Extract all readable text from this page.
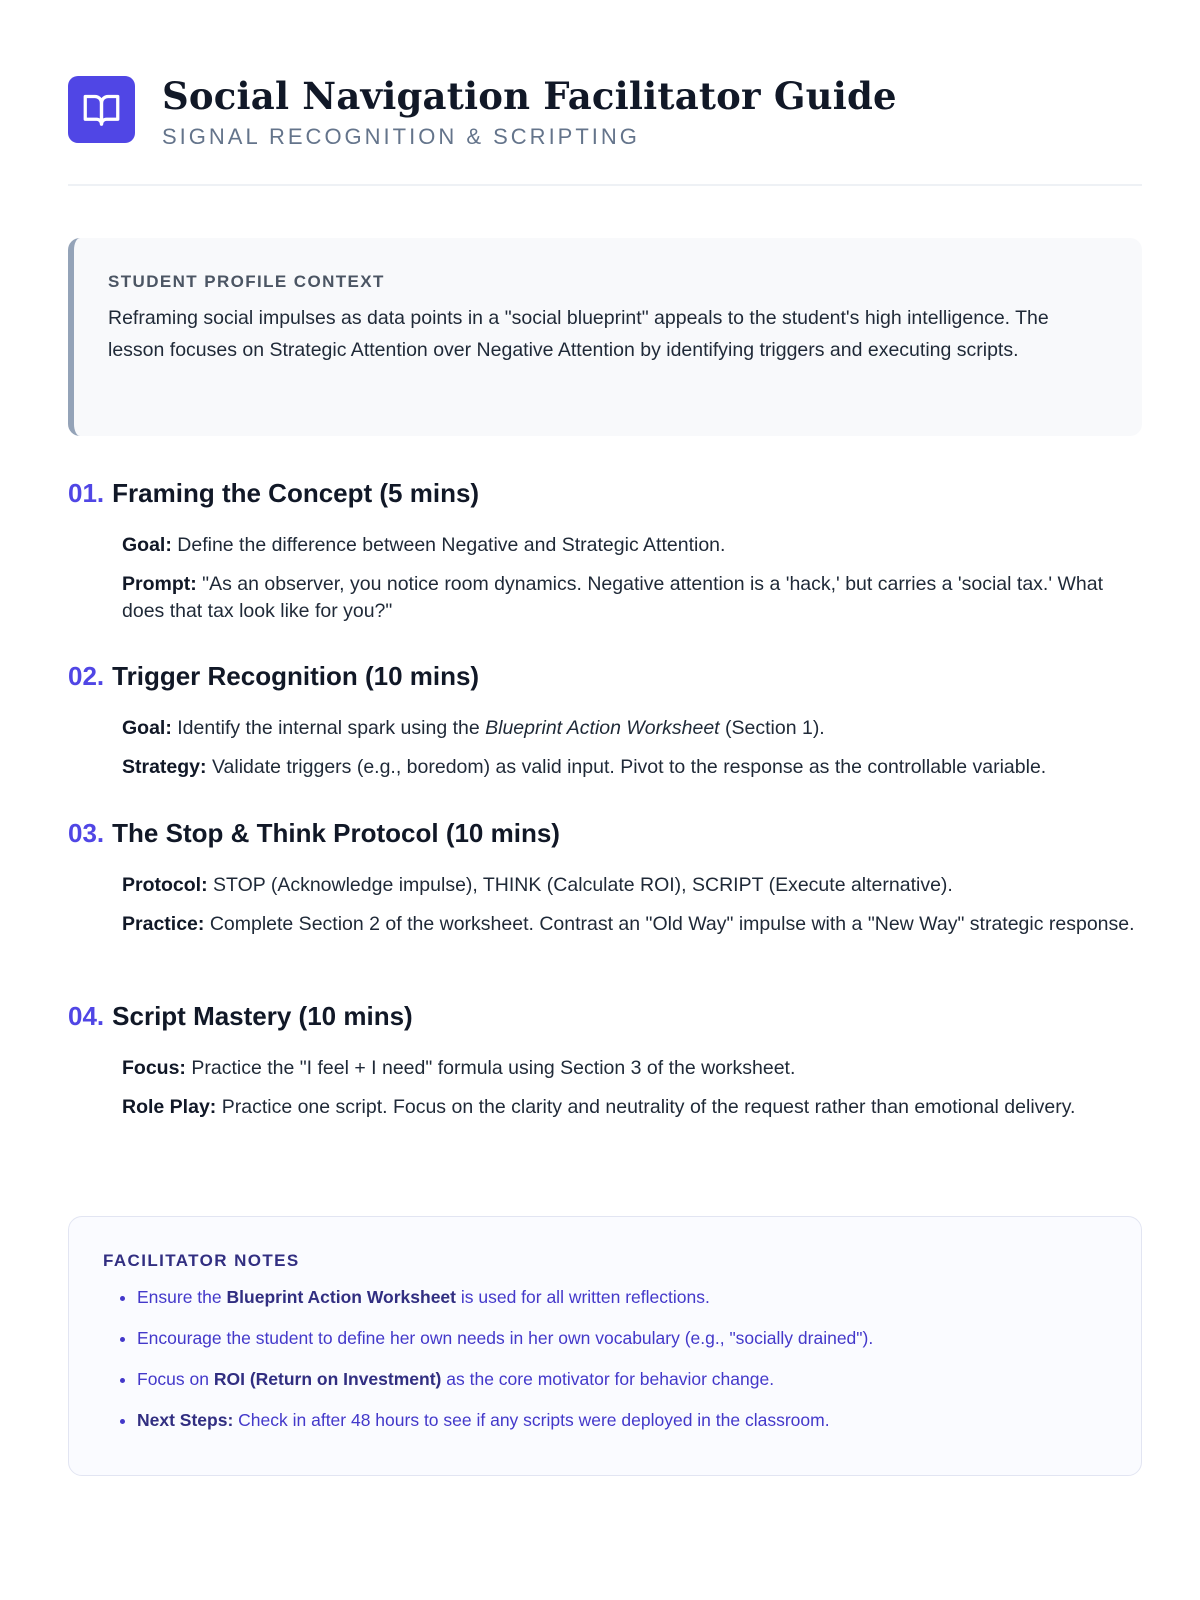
Social Navigation Facilitator Guide

SIGNAL RECOGNITION & SCRIPTING

STUDENT PROFILE CONTEXT

Reframing social impulses as data points in a "social blueprint" appeals to the student's high intelligence. The lesson focuses on Strategic Attention over Negative Attention by identifying triggers and executing scripts.

01. Framing the Concept (5 mins)

Goal: Define the difference between Negative and Strategic Attention.

Prompt: "As an observer, you notice room dynamics. Negative attention is a 'hack,' but carries a 'social tax.' What does that tax look like for you?"

02. Trigger Recognition (10 mins)

Goal: Identify the internal spark using the Blueprint Action Worksheet (Section 1).

Strategy: Validate triggers (e.g., boredom) as valid input. Pivot to the response as the controllable variable.

03. The Stop & Think Protocol (10 mins)

Protocol: STOP (Acknowledge impulse), THINK (Calculate ROI), SCRIPT (Execute alternative).

Practice: Complete Section 2 of the worksheet. Contrast an "Old Way" impulse with a "New Way" strategic response.

04. Script Mastery (10 mins)

Focus: Practice the "I feel + I need" formula using Section 3 of the worksheet.

Role Play: Practice one script. Focus on the clarity and neutrality of the request rather than emotional delivery.

FACILITATOR NOTES

• Ensure the Blueprint Action Worksheet is used for all written reflections.
• Encourage the student to define her own needs in her own vocabulary (e.g., "socially drained").
• Focus on ROI (Return on Investment) as the core motivator for behavior change.
• Next Steps: Check in after 48 hours to see if any scripts were deployed in the classroom.
